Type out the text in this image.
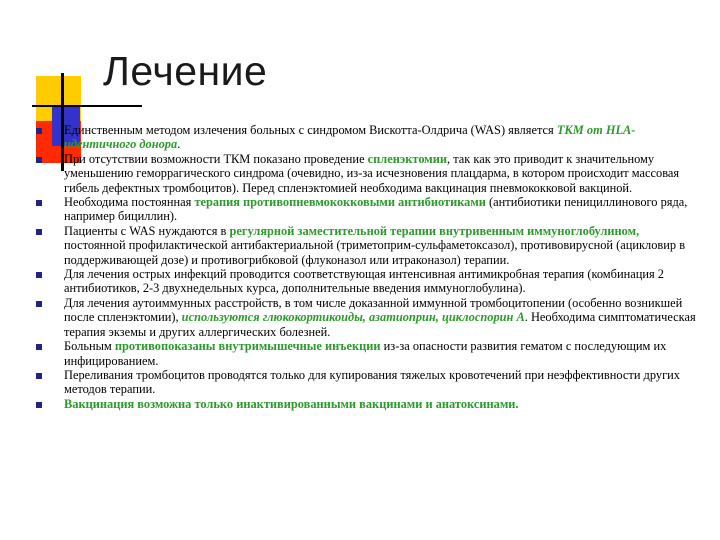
Лечение
Единственным методом излечения больных с синдромом Вискотта-Олдрича (WAS) является ТКМ от HLA-идентичного донора.
При отсутствии возможности ТКМ показано проведение спленэктомии, так как это приводит к значительному уменьшению геморрагического синдрома (очевидно, из-за исчезновения плацдарма, в котором происходит массовая гибель дефектных тромбоцитов). Перед спленэктомией необходима вакцинация пневмококковой вакциной.
Необходима постоянная терапия противопневмококковыми антибиотиками (антибиотики пенициллинового ряда, например бициллин).
Пациенты с WAS нуждаются в регулярной заместительной терапии внутривенным иммуноглобулином, постоянной профилактической антибактериальной (триметоприм-сульфаметоксазол), противовирусной (ацикловир в поддерживающей дозе) и противогрибковой (флуконазол или итраконазол) терапии.
Для лечения острых инфекций проводится соответствующая интенсивная антимикробная терапия (комбинация 2 антибиотиков, 2-3 двухнедельных курса, дополнительные введения иммуноглобулина).
Для лечения аутоиммунных расстройств, в том числе доказанной иммунной тромбоцитопении (особенно возникшей после спленэктомии), используются глюкокортикоиды, азатиоприн, циклоспорин А. Необходима симптоматическая терапия экземы и других аллергических болезней.
Больным противопоказаны внутримышечные инъекции из-за опасности развития гематом с последующим их инфицированием.
Переливания тромбоцитов проводятся только для купирования тяжелых кровотечений при неэффективности других методов терапии.
Вакцинация возможна только инактивированными вакцинами и анатоксинами.
